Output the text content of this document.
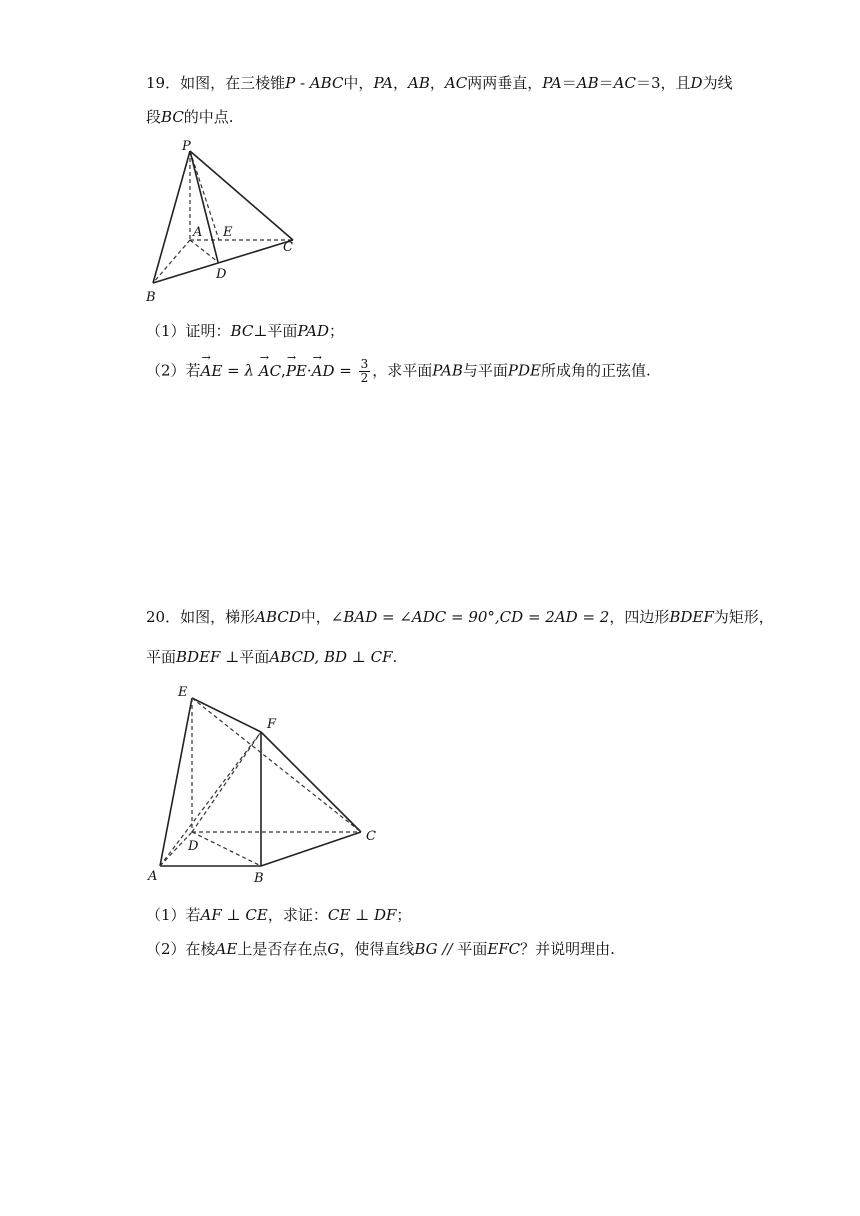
19．如图，在三棱锥P - ABC中，PA，AB，AC两两垂直，PA＝AB＝AC＝3，且D为线
段BC的中点.
P
A E
C
D
B
（1）证明：BC⊥平面PAD；
（2）若→ AE = λ → AC,→ PE·→ AD = $\frac{3}{2}$ ，求平面PAB与平面PDE所成角的正弦值.
20．如图，梯形ABCD中，∠BAD = ∠ADC = 90°,CD = 2AD = 2，四边形BDEF为矩形，
平面BDEF ⊥平面ABCD, BD ⊥ CF.
E
F
D
C
A	B
（1）若AF ⊥ CE，求证：CE ⊥ DF；
（2）在棱AE上是否存在点G，使得直线BG // 平面EFC？并说明理由.
